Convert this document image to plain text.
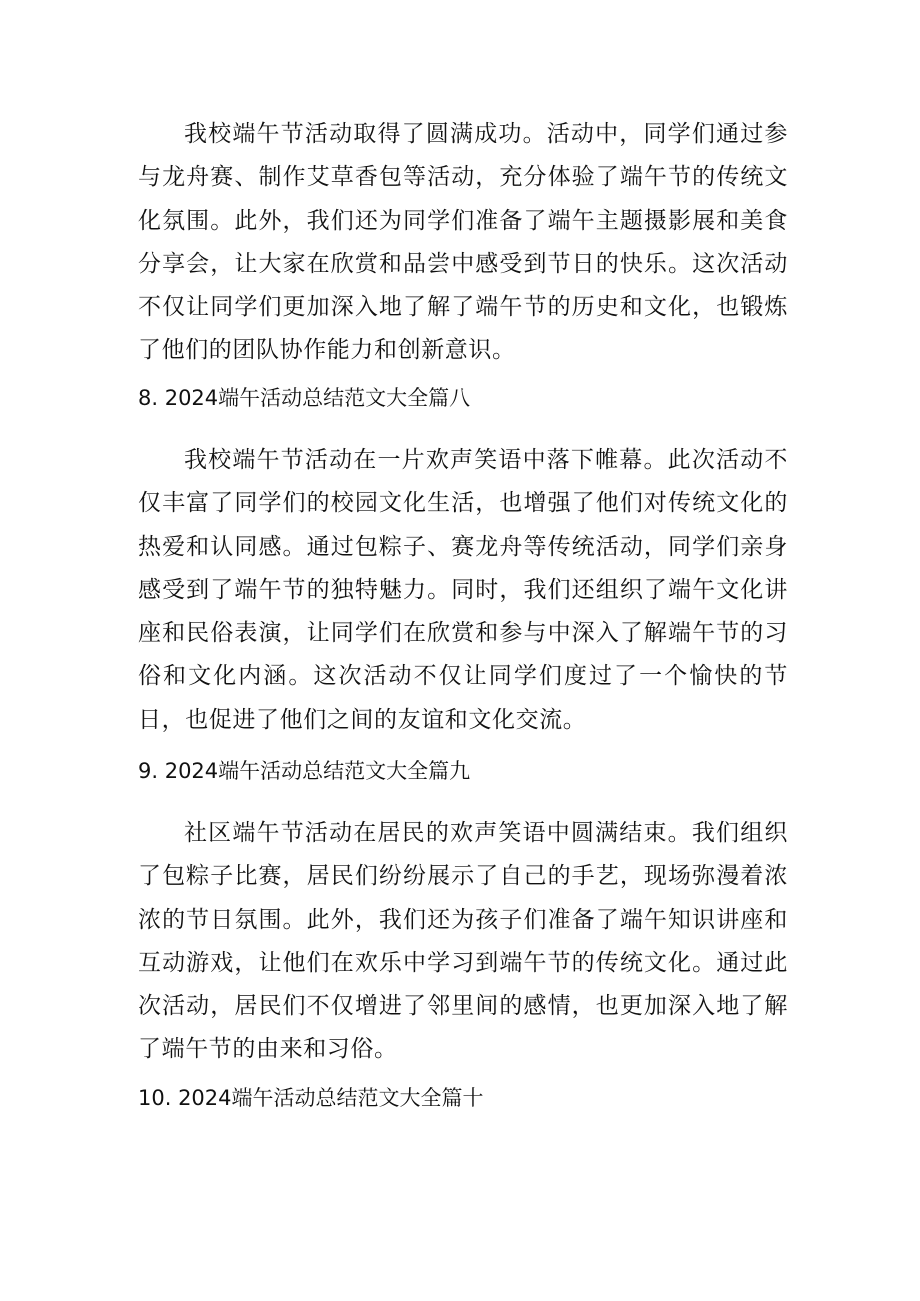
我校端午节活动取得了圆满成功。活动中，同学们通过参与龙舟赛、制作艾草香包等活动，充分体验了端午节的传统文化氛围。此外，我们还为同学们准备了端午主题摄影展和美食分享会，让大家在欣赏和品尝中感受到节日的快乐。这次活动不仅让同学们更加深入地了解了端午节的历史和文化，也锻炼了他们的团队协作能力和创新意识。

8. 2024端午活动总结范文大全篇八

我校端午节活动在一片欢声笑语中落下帷幕。此次活动不仅丰富了同学们的校园文化生活，也增强了他们对传统文化的热爱和认同感。通过包粽子、赛龙舟等传统活动，同学们亲身感受到了端午节的独特魅力。同时，我们还组织了端午文化讲座和民俗表演，让同学们在欣赏和参与中深入了解端午节的习俗和文化内涵。这次活动不仅让同学们度过了一个愉快的节日，也促进了他们之间的友谊和文化交流。

9. 2024端午活动总结范文大全篇九

社区端午节活动在居民的欢声笑语中圆满结束。我们组织了包粽子比赛，居民们纷纷展示了自己的手艺，现场弥漫着浓浓的节日氛围。此外，我们还为孩子们准备了端午知识讲座和互动游戏，让他们在欢乐中学习到端午节的传统文化。通过此次活动，居民们不仅增进了邻里间的感情，也更加深入地了解了端午节的由来和习俗。

10. 2024端午活动总结范文大全篇十
